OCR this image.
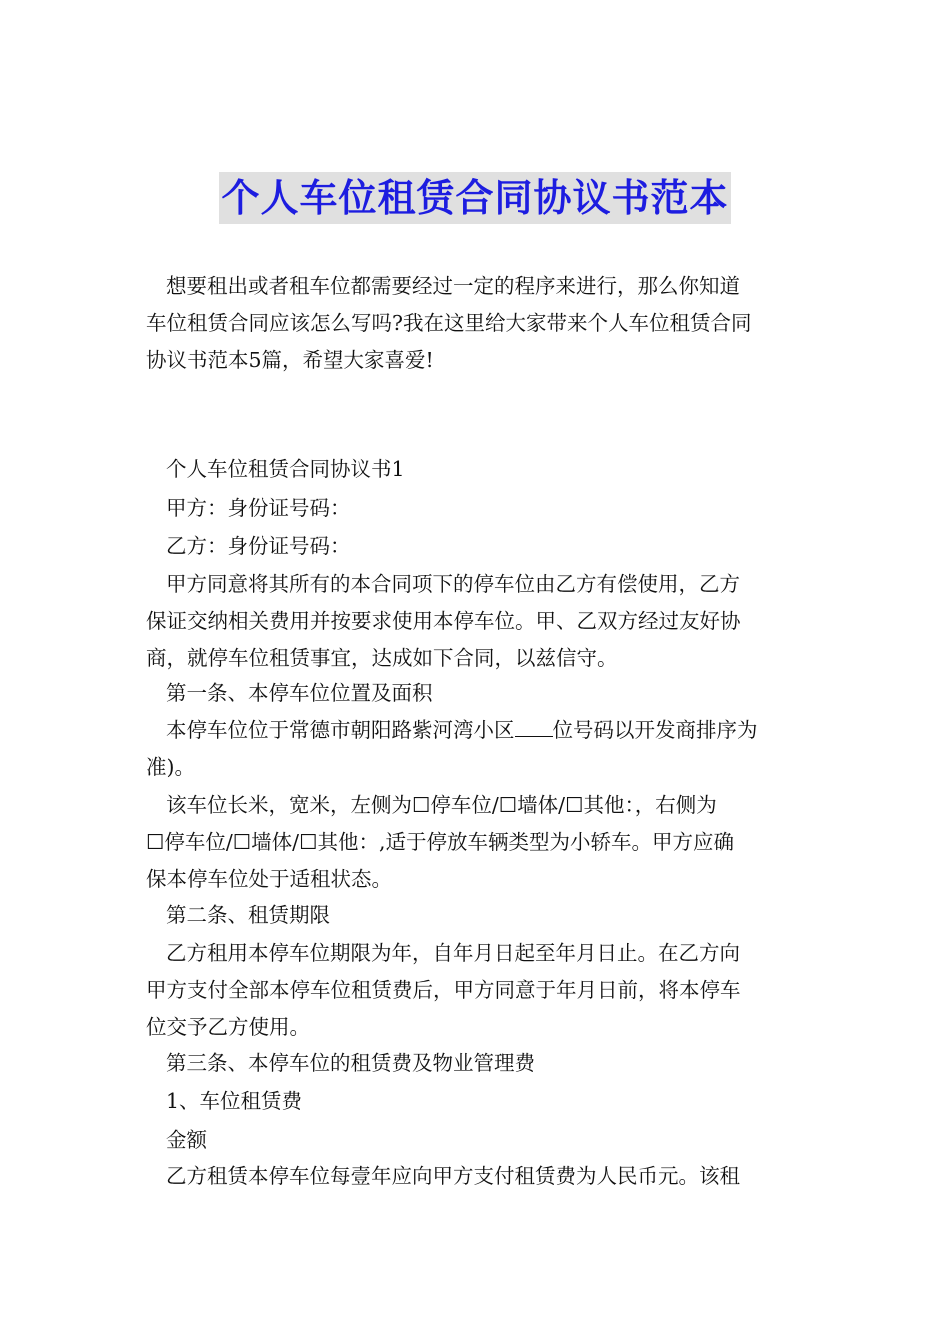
个人车位租赁合同协议书范本
想要租出或者租车位都需要经过一定的程序来进行，那么你知道
车位租赁合同应该怎么写吗?我在这里给大家带来个人车位租赁合同
协议书范本5篇，希望大家喜爱!
个人车位租赁合同协议书1
甲方：身份证号码：
乙方：身份证号码：
甲方同意将其所有的本合同项下的停车位由乙方有偿使用，乙方
保证交纳相关费用并按要求使用本停车位。甲、乙双方经过友好协
商，就停车位租赁事宜，达成如下合同，以兹信守。
第一条、本停车位位置及面积
本停车位位于常德市朝阳路紫河湾小区 位号码以开发商排序为
准)。
该车位长米，宽米，左侧为☐停车位/☐墙体/☐其他：，右侧为
☐停车位/☐墙体/☐其他：,适于停放车辆类型为小轿车。甲方应确
保本停车位处于适租状态。
第二条、租赁期限
乙方租用本停车位期限为年，自年月日起至年月日止。在乙方向
甲方支付全部本停车位租赁费后，甲方同意于年月日前，将本停车
位交予乙方使用。
第三条、本停车位的租赁费及物业管理费
1、车位租赁费
金额
乙方租赁本停车位每壹年应向甲方支付租赁费为人民币元。该租
